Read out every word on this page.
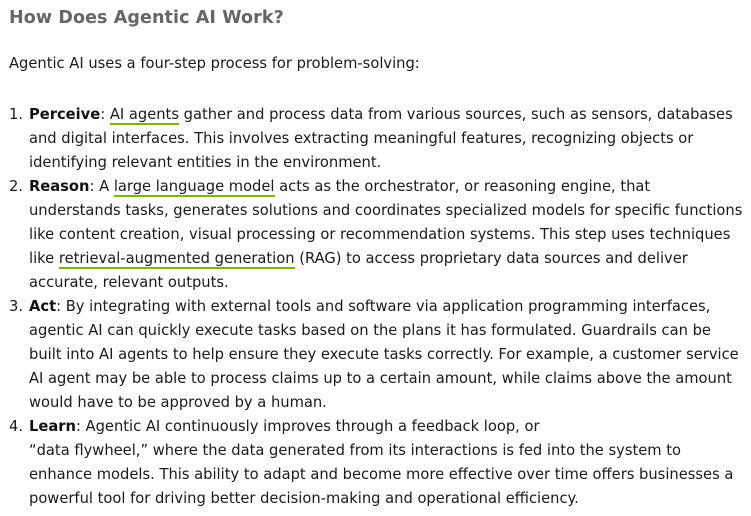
How Does Agentic AI Work?

Agentic AI uses a four-step process for problem-solving:

1. Perceive: AI agents gather and process data from various sources, such as sensors, databases and digital interfaces. This involves extracting meaningful features, recognizing objects or identifying relevant entities in the environment.
2. Reason: A large language model acts as the orchestrator, or reasoning engine, that understands tasks, generates solutions and coordinates specialized models for specific functions like content creation, visual processing or recommendation systems. This step uses techniques like retrieval-augmented generation (RAG) to access proprietary data sources and deliver accurate, relevant outputs.
3. Act: By integrating with external tools and software via application programming interfaces, agentic AI can quickly execute tasks based on the plans it has formulated. Guardrails can be built into AI agents to help ensure they execute tasks correctly. For example, a customer service AI agent may be able to process claims up to a certain amount, while claims above the amount would have to be approved by a human.
4. Learn: Agentic AI continuously improves through a feedback loop, or
“data flywheel,” where the data generated from its interactions is fed into the system to enhance models. This ability to adapt and become more effective over time offers businesses a powerful tool for driving better decision-making and operational efficiency.
